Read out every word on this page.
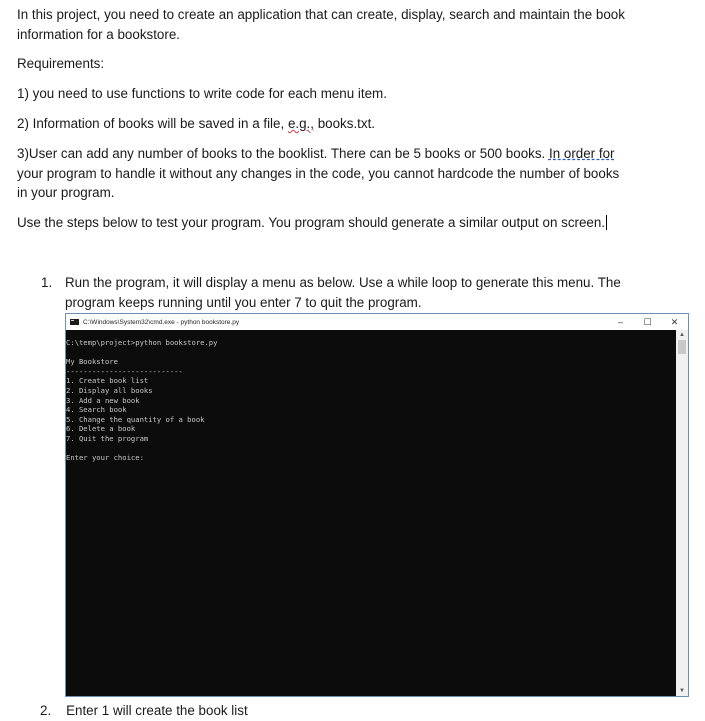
In this project, you need to create an application that can create, display, search and maintain the book
information for a bookstore.

Requirements:

1) you need to use functions to write code for each menu item.

2) Information of books will be saved in a file, e.g., books.txt.

3)User can add any number of books to the booklist. There can be 5 books or 500 books. In order for
your program to handle it without any changes in the code, you cannot hardcode the number of books
in your program.

Use the steps below to test your program. You program should generate a similar output on screen.

1. Run the program, it will display a menu as below. Use a while loop to generate this menu. The
program keeps running until you enter 7 to quit the program.
C:\Windows\System32\cmd.exe - python bookstore.py	–	☐	✕
C:\temp\project>python bookstore.py
My Bookstore
---------------------------
1. Create book list
2. Display all books
3. Add a new book
4. Search book
5. Change the quantity of a book
6. Delete a book
7. Quit the program
Enter your choice:
▲
▼
2. Enter 1 will create the book list
